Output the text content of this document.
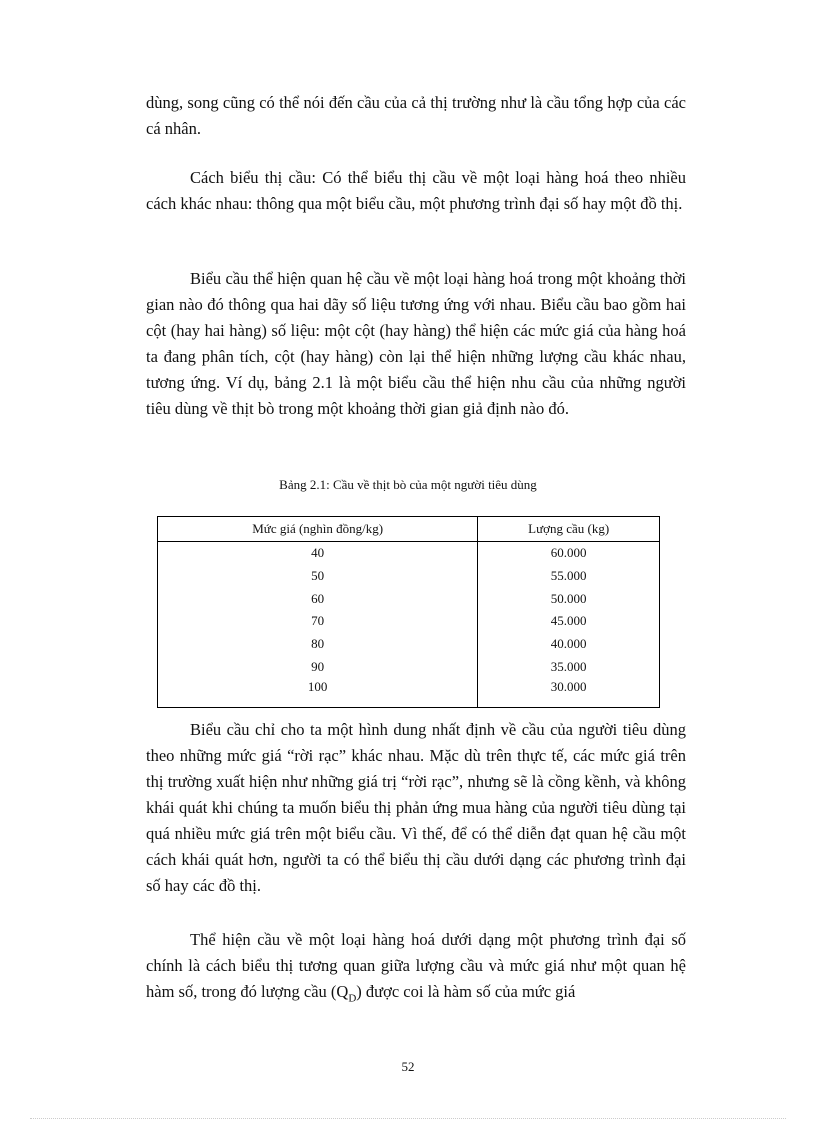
dùng, song cũng có thể nói đến cầu của cả thị trường như là cầu tổng hợp của các cá nhân.

Cách biểu thị cầu: Có thể biểu thị cầu về một loại hàng hoá theo nhiều cách khác nhau: thông qua một biểu cầu, một phương trình đại số hay một đồ thị.

Biểu cầu thể hiện quan hệ cầu về một loại hàng hoá trong một khoảng thời gian nào đó thông qua hai dãy số liệu tương ứng với nhau. Biểu cầu bao gồm hai cột (hay hai hàng) số liệu: một cột (hay hàng) thể hiện các mức giá của hàng hoá ta đang phân tích, cột (hay hàng) còn lại thể hiện những lượng cầu khác nhau, tương ứng. Ví dụ, bảng 2.1 là một biểu cầu thể hiện nhu cầu của những người tiêu dùng về thịt bò trong một khoảng thời gian giả định nào đó.

Bảng 2.1: Cầu về thịt bò của một người tiêu dùng
Mức giá (nghìn đồng/kg)	Lượng cầu (kg)
40	60.000
50	55.000
60	50.000
70	45.000
80	40.000
90	35.000
100	30.000

Biểu cầu chỉ cho ta một hình dung nhất định về cầu của người tiêu dùng theo những mức giá “rời rạc” khác nhau. Mặc dù trên thực tế, các mức giá trên thị trường xuất hiện như những giá trị “rời rạc”, nhưng sẽ là cồng kềnh, và không khái quát khi chúng ta muốn biểu thị phản ứng mua hàng của người tiêu dùng tại quá nhiều mức giá trên một biểu cầu. Vì thế, để có thể diễn đạt quan hệ cầu một cách khái quát hơn, người ta có thể biểu thị cầu dưới dạng các phương trình đại số hay các đồ thị.

Thể hiện cầu về một loại hàng hoá dưới dạng một phương trình đại số chính là cách biểu thị tương quan giữa lượng cầu và mức giá như một quan hệ hàm số, trong đó lượng cầu $(Q_D)$ được coi là hàm số của mức giá

52
